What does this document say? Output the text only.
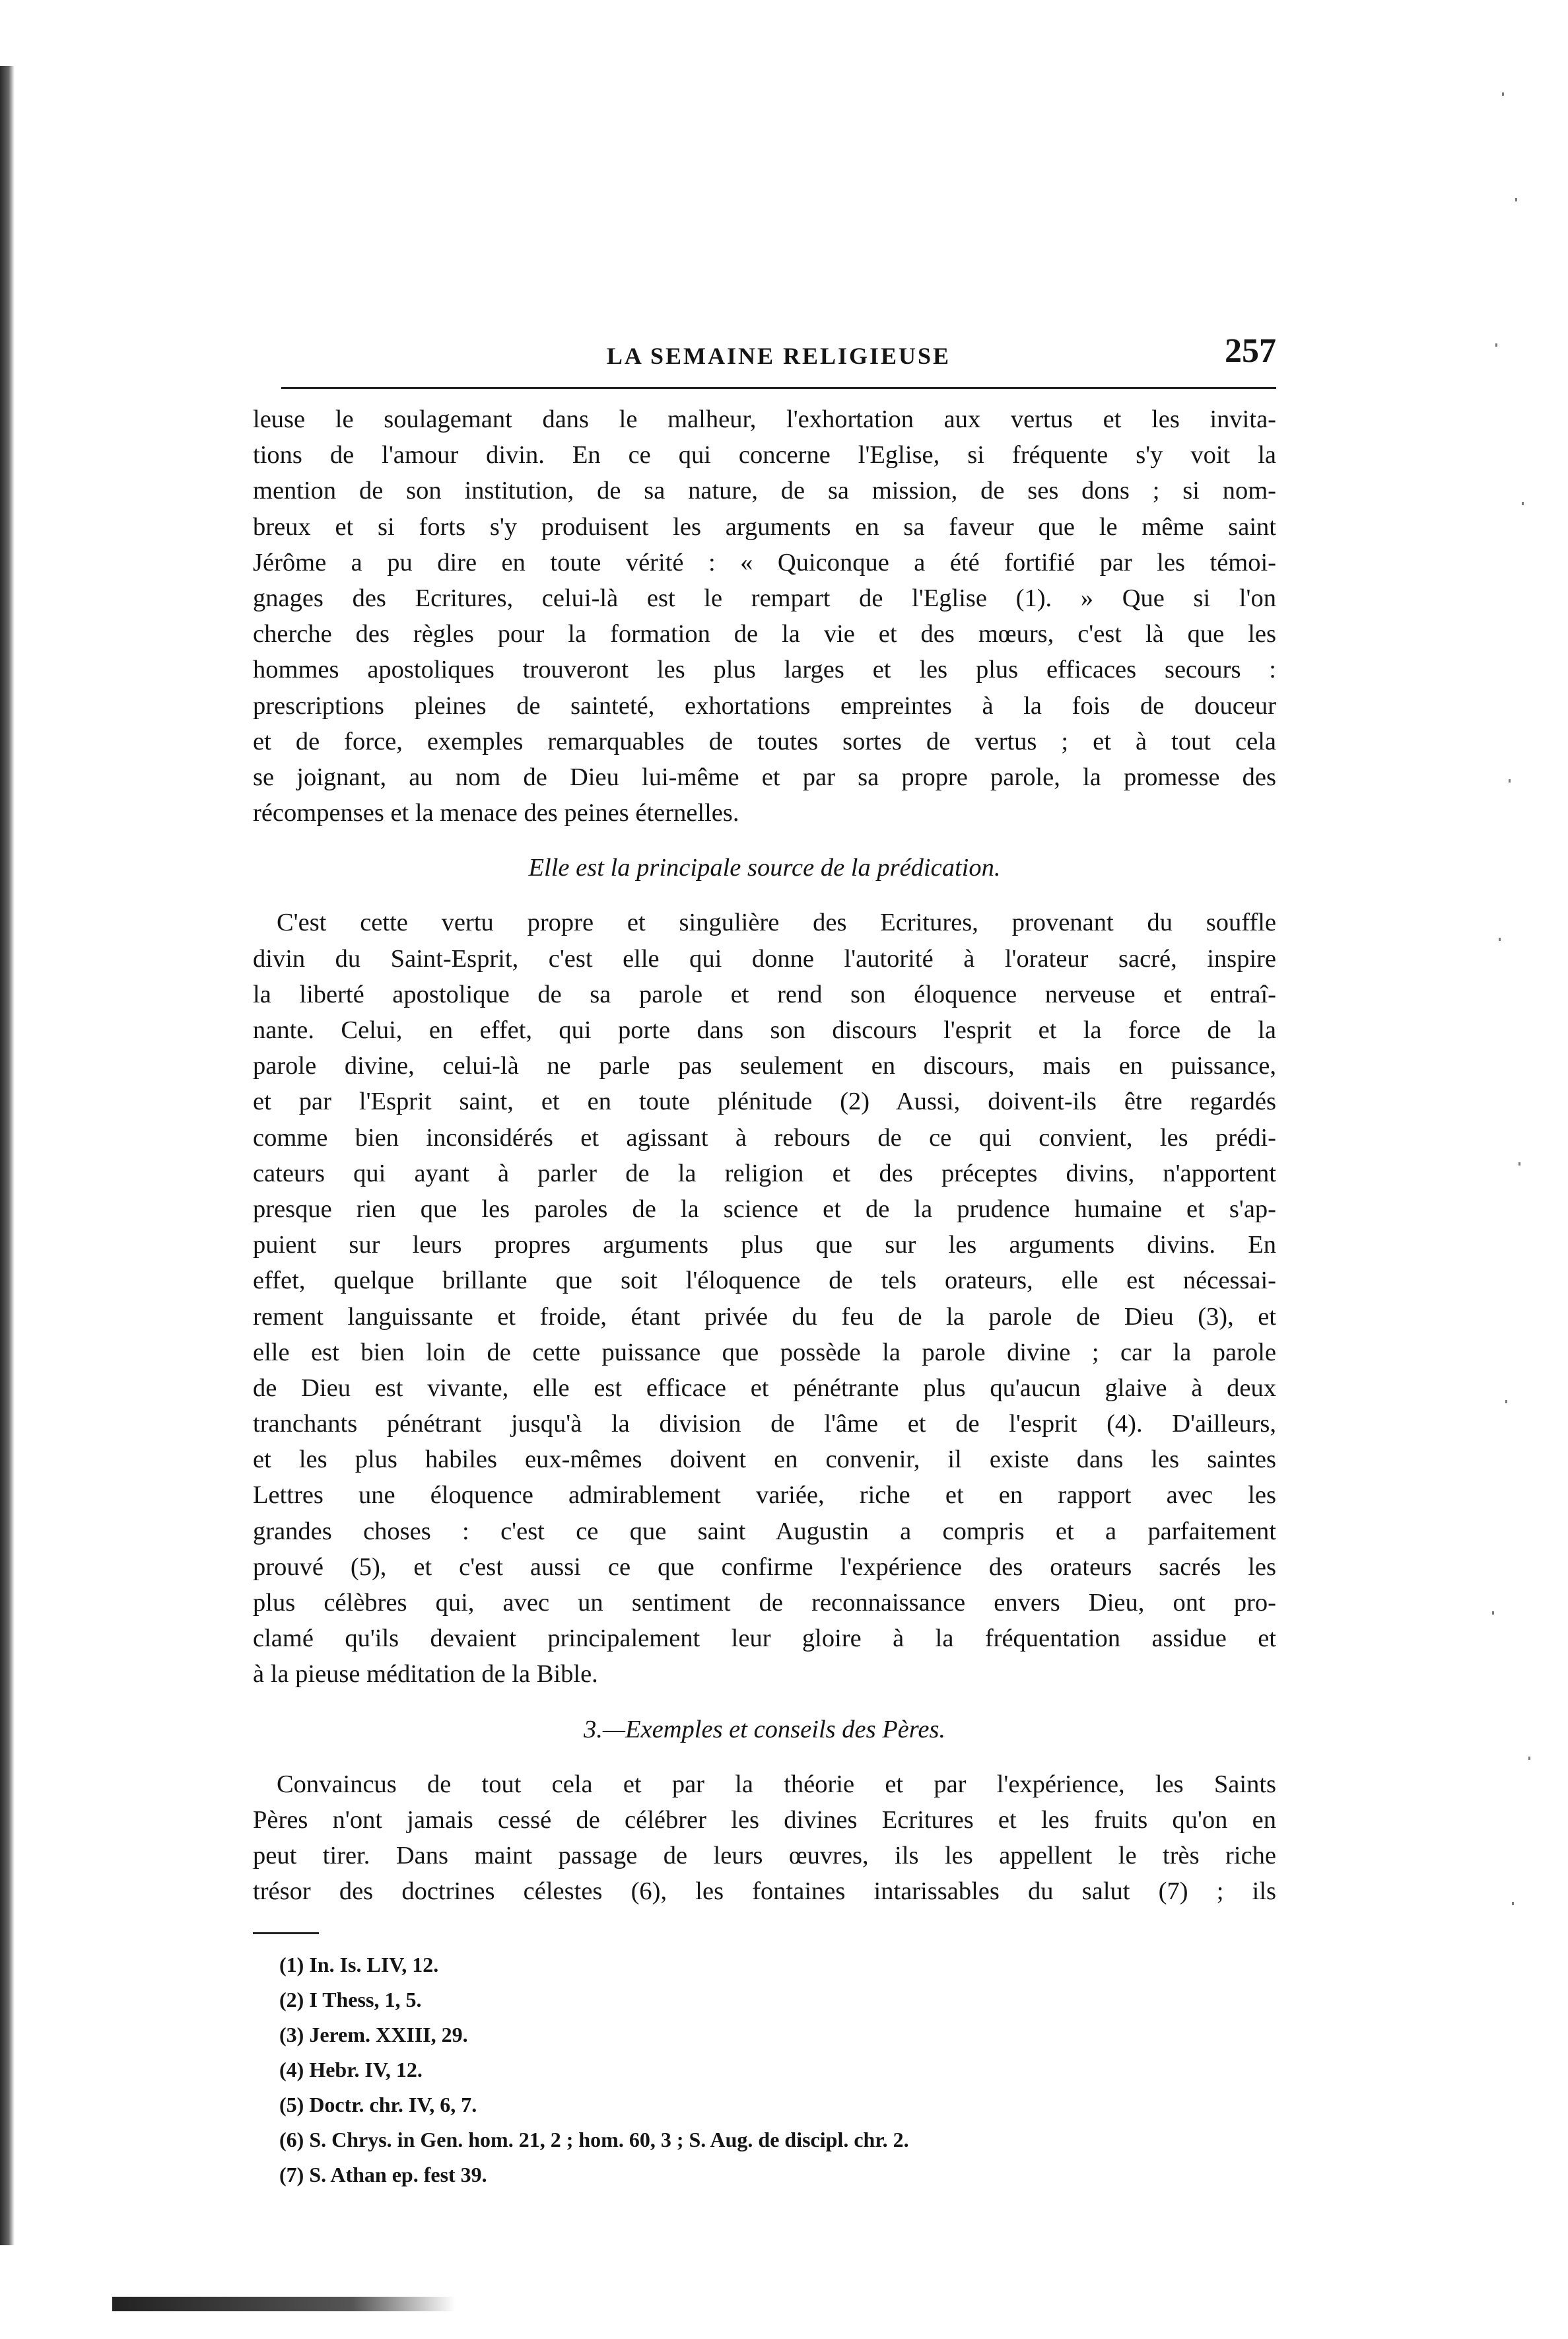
LA SEMAINE RELIGIEUSE	257
leuse le soulagemant dans le malheur, l'exhortation aux vertus et les invita-
tions de l'amour divin. En ce qui concerne l'Eglise, si fréquente s'y voit la
mention de son institution, de sa nature, de sa mission, de ses dons ; si nom-
breux et si forts s'y produisent les arguments en sa faveur que le même saint
Jérôme a pu dire en toute vérité : « Quiconque a été fortifié par les témoi-
gnages des Ecritures, celui-là est le rempart de l'Eglise (1). » Que si l'on
cherche des règles pour la formation de la vie et des mœurs, c'est là que les
hommes apostoliques trouveront les plus larges et les plus efficaces secours :
prescriptions pleines de sainteté, exhortations empreintes à la fois de douceur
et de force, exemples remarquables de toutes sortes de vertus ; et à tout cela
se joignant, au nom de Dieu lui-même et par sa propre parole, la promesse des
récompenses et la menace des peines éternelles.
Elle est la principale source de la prédication.
C'est cette vertu propre et singulière des Ecritures, provenant du souffle
divin du Saint-Esprit, c'est elle qui donne l'autorité à l'orateur sacré, inspire
la liberté apostolique de sa parole et rend son éloquence nerveuse et entraî-
nante. Celui, en effet, qui porte dans son discours l'esprit et la force de la
parole divine, celui-là ne parle pas seulement en discours, mais en puissance,
et par l'Esprit saint, et en toute plénitude (2) Aussi, doivent-ils être regardés
comme bien inconsidérés et agissant à rebours de ce qui convient, les prédi-
cateurs qui ayant à parler de la religion et des préceptes divins, n'apportent
presque rien que les paroles de la science et de la prudence humaine et s'ap-
puient sur leurs propres arguments plus que sur les arguments divins. En
effet, quelque brillante que soit l'éloquence de tels orateurs, elle est nécessai-
rement languissante et froide, étant privée du feu de la parole de Dieu (3), et
elle est bien loin de cette puissance que possède la parole divine ; car la parole
de Dieu est vivante, elle est efficace et pénétrante plus qu'aucun glaive à deux
tranchants pénétrant jusqu'à la division de l'âme et de l'esprit (4). D'ailleurs,
et les plus habiles eux-mêmes doivent en convenir, il existe dans les saintes
Lettres une éloquence admirablement variée, riche et en rapport avec les
grandes choses : c'est ce que saint Augustin a compris et a parfaitement
prouvé (5), et c'est aussi ce que confirme l'expérience des orateurs sacrés les
plus célèbres qui, avec un sentiment de reconnaissance envers Dieu, ont pro-
clamé qu'ils devaient principalement leur gloire à la fréquentation assidue et
à la pieuse méditation de la Bible.
3.—Exemples et conseils des Pères.
Convaincus de tout cela et par la théorie et par l'expérience, les Saints
Pères n'ont jamais cessé de célébrer les divines Ecritures et les fruits qu'on en
peut tirer. Dans maint passage de leurs œuvres, ils les appellent le très riche
trésor des doctrines célestes (6), les fontaines intarissables du salut (7) ; ils
(1) In. Is. LIV, 12.
(2) I Thess, 1, 5.
(3) Jerem. XXIII, 29.
(4) Hebr. IV, 12.
(5) Doctr. chr. IV, 6, 7.
(6) S. Chrys. in Gen. hom. 21, 2 ; hom. 60, 3 ; S. Aug. de discipl. chr. 2.
(7) S. Athan ep. fest 39.
